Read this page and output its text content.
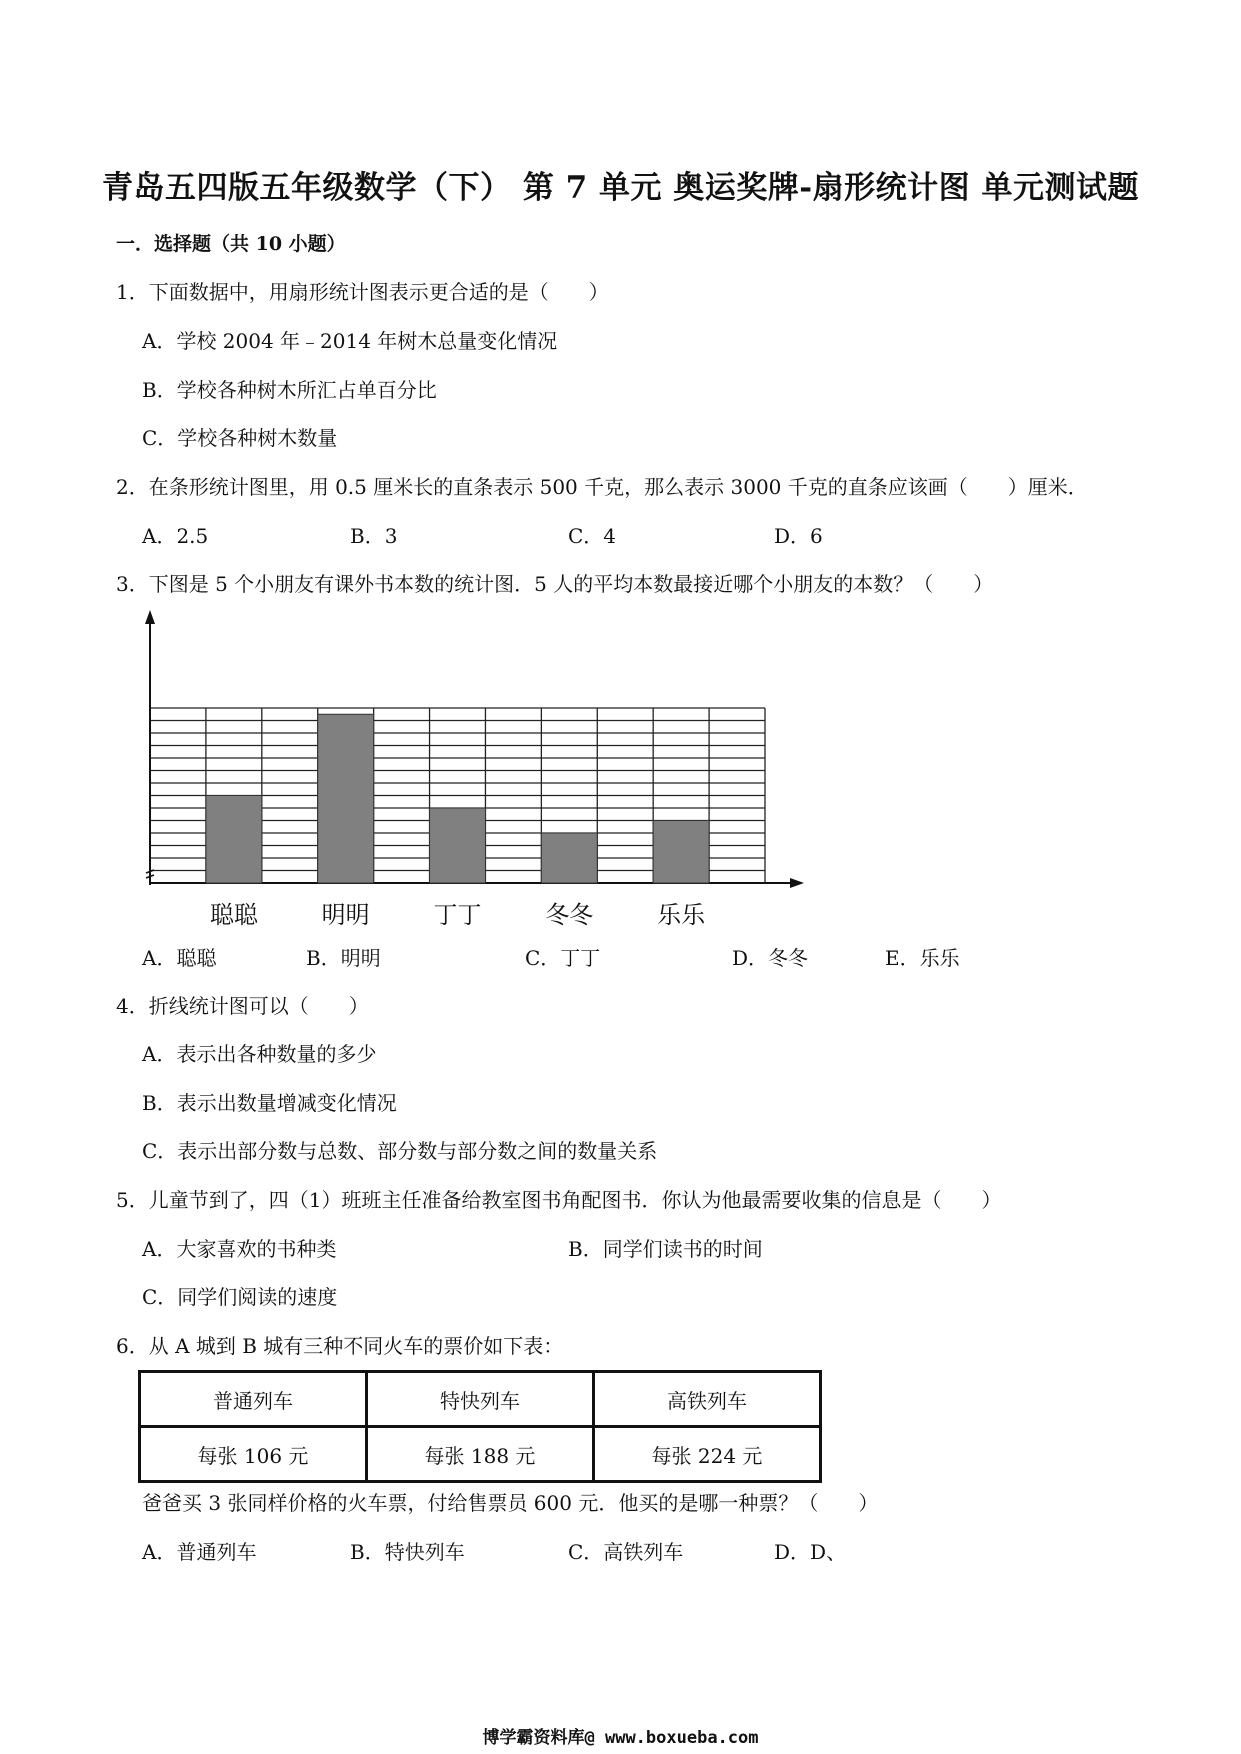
青岛五四版五年级数学（下） 第 7 单元 奥运奖牌-扇形统计图 单元测试题
一．选择题（共 10 小题）
1．下面数据中，用扇形统计图表示更合适的是（　　）
A．学校 2004 年﹣2014 年树木总量变化情况
B．学校各种树木所汇占单百分比
C．学校各种树木数量
2．在条形统计图里，用 0.5 厘米长的直条表示 500 千克，那么表示 3000 千克的直条应该画（　　）厘米．
A．2.5	B．3	C．4	D．6
3．下图是 5 个小朋友有课外书本数的统计图．5 人的平均本数最接近哪个小朋友的本数？（　　）
聪聪	明明	丁丁	冬冬	乐乐
A．聪聪	B．明明	C．丁丁	D．冬冬	E．乐乐
4．折线统计图可以（　　）
A．表示出各种数量的多少
B．表示出数量增减变化情况
C．表示出部分数与总数、部分数与部分数之间的数量关系
5．儿童节到了，四（1）班班主任准备给教室图书角配图书．你认为他最需要收集的信息是（　　）
A．大家喜欢的书种类	B．同学们读书的时间
C．同学们阅读的速度
6．从 A 城到 B 城有三种不同火车的票价如下表：
普通列车	特快列车	高铁列车
每张 106 元	每张 188 元	每张 224 元
爸爸买 3 张同样价格的火车票，付给售票员 600 元．他买的是哪一种票？（　　）
A．普通列车	B．特快列车	C．高铁列车	D．D、
博学霸资料库@ www.boxueba.com
